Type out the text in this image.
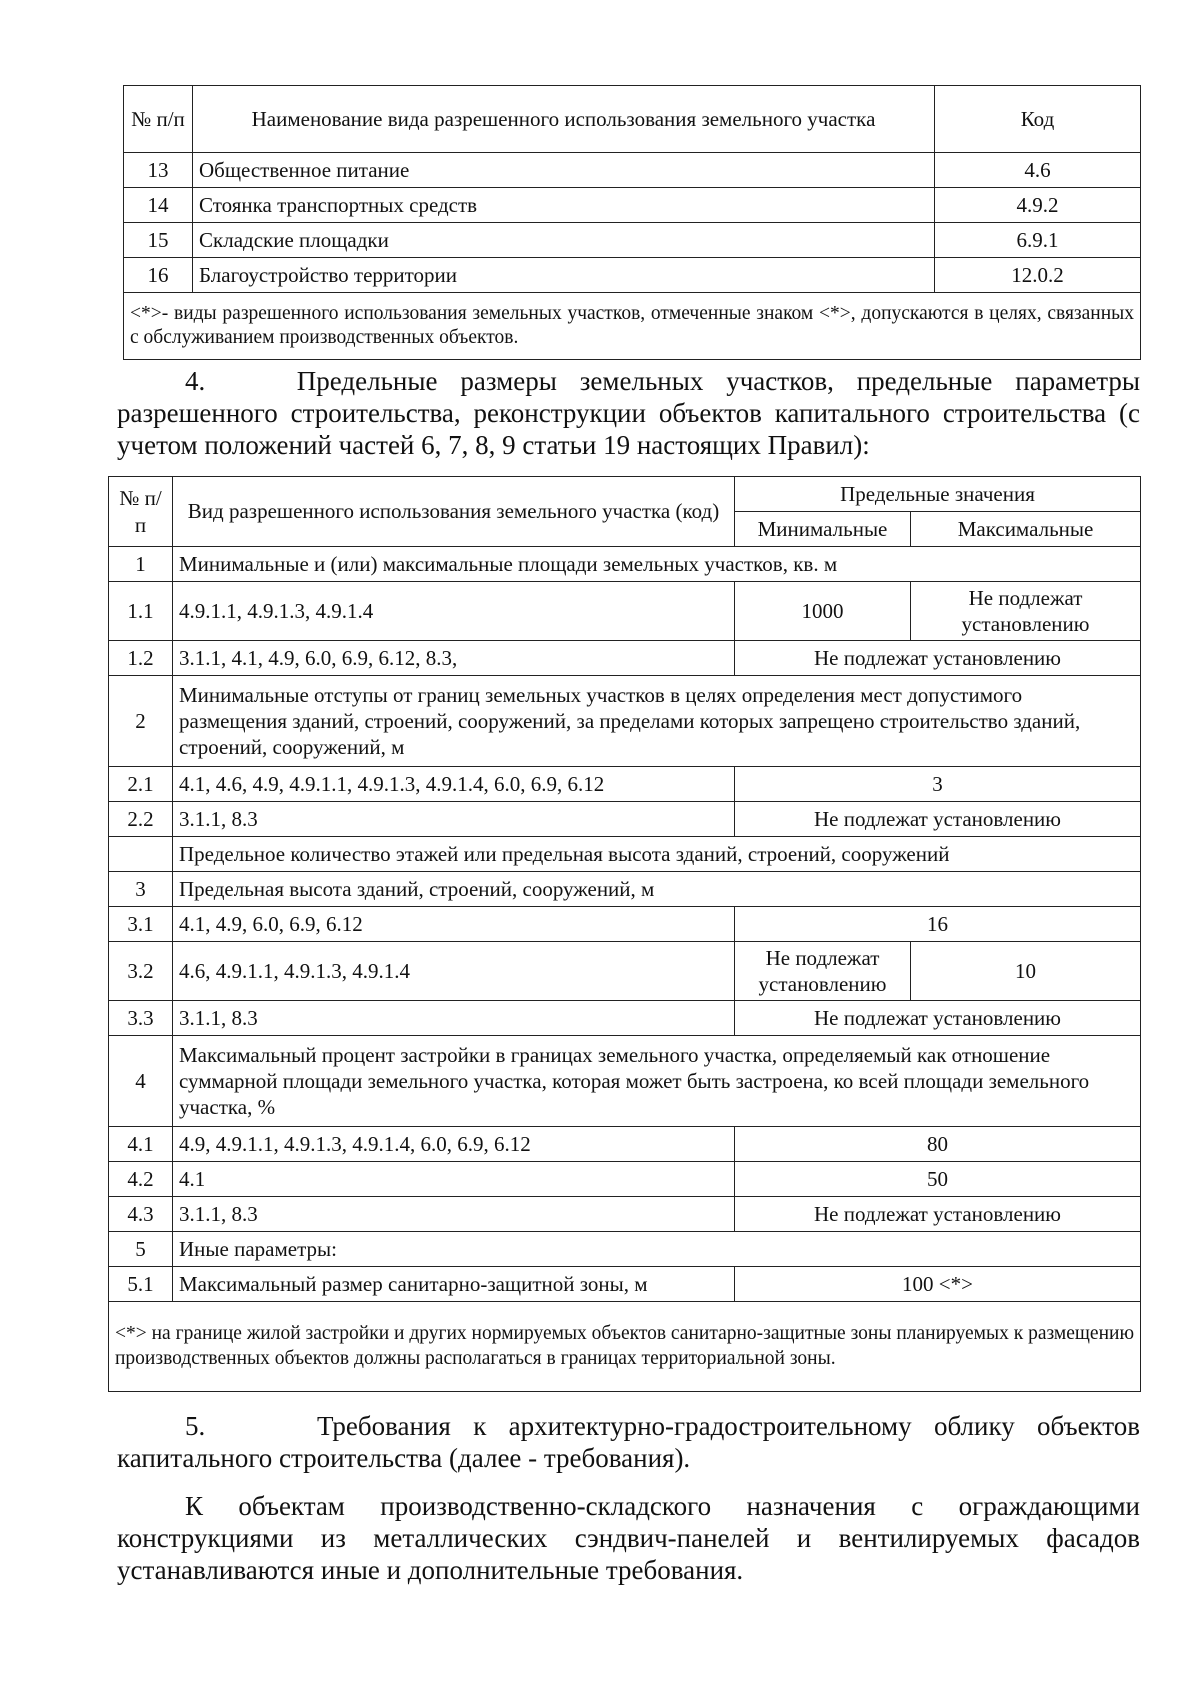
№ п/п	Наименование вида разрешенного использования земельного участка	Код
13	Общественное питание	4.6
14	Стоянка транспортных средств	4.9.2
15	Складские площадки	6.9.1
16	Благоустройство территории	12.0.2
<*>- виды разрешенного использования земельных участков, отмеченные знаком <*>, допускаются в целях, связанных с обслуживанием производственных объектов.		
4.	Предельные размеры земельных участков, предельные параметры разрешенного строительства, реконструкции объектов капитального строительства (с учетом положений частей 6, 7, 8, 9 статьи 19 настоящих Правил):
№ п/п	Вид разрешенного использования земельного участка (код)	Предельные значения	
		Минимальные	Максимальные
1	Минимальные и (или) максимальные площади земельных участков, кв. м		
1.1	4.9.1.1, 4.9.1.3, 4.9.1.4	1000	Не подлежат установлению
1.2	3.1.1, 4.1, 4.9, 6.0, 6.9, 6.12, 8.3,	Не подлежат установлению	
2	Минимальные отступы от границ земельных участков в целях определения мест допустимого размещения зданий, строений, сооружений, за пределами которых запрещено строительство зданий, строений, сооружений, м		
2.1	4.1, 4.6, 4.9, 4.9.1.1, 4.9.1.3, 4.9.1.4, 6.0, 6.9, 6.12	3	
2.2	3.1.1, 8.3	Не подлежат установлению	
	Предельное количество этажей или предельная высота зданий, строений, сооружений		
3	Предельная высота зданий, строений, сооружений, м		
3.1	4.1, 4.9, 6.0, 6.9, 6.12	16	
3.2	4.6, 4.9.1.1, 4.9.1.3, 4.9.1.4	Не подлежат установлению	10
3.3	3.1.1, 8.3	Не подлежат установлению	
4	Максимальный процент застройки в границах земельного участка, определяемый как отношение суммарной площади земельного участка, которая может быть застроена, ко всей площади земельного участка, %		
4.1	4.9, 4.9.1.1, 4.9.1.3, 4.9.1.4, 6.0, 6.9, 6.12	80	
4.2	4.1	50	
4.3	3.1.1, 8.3	Не подлежат установлению	
5	Иные параметры:		
5.1	Максимальный размер санитарно-защитной зоны, м	100 <*>	
<*> на границе жилой застройки и других нормируемых объектов санитарно-защитные зоны планируемых к размещению производственных объектов должны располагаться в границах территориальной зоны.			
5.	Требования к архитектурно-градостроительному облику объектов капитального строительства (далее - требования).
К объектам производственно-складского назначения с ограждающими конструкциями из металлических сэндвич-панелей и вентилируемых фасадов устанавливаются иные и дополнительные требования.
